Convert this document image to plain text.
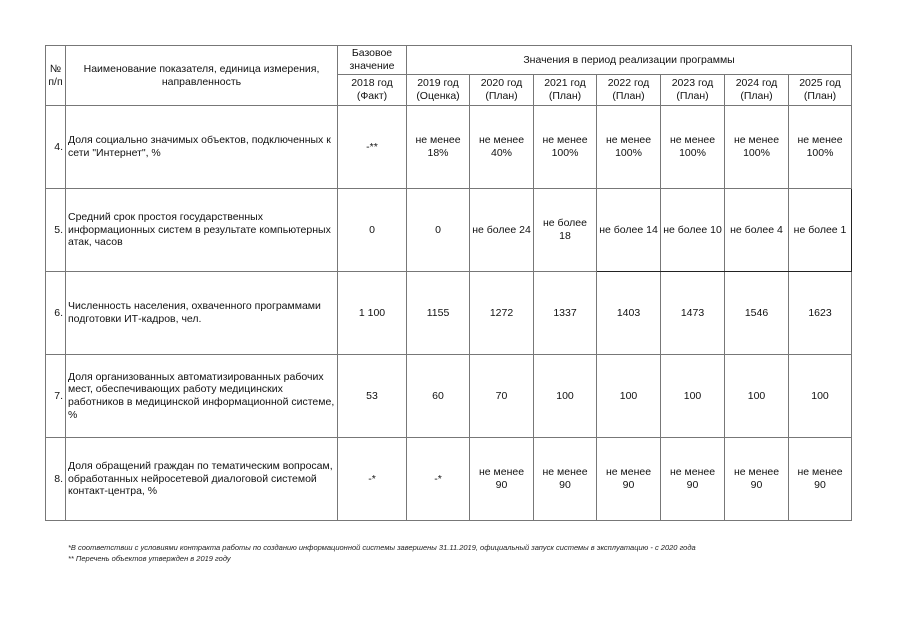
№ п/п	Наименование показателя, единица измерения, направленность	Базовое значение	Значения в период реализации программы						
		2018 год (Факт)	2019 год (Оценка)	2020 год (План)	2021 год (План)	2022 год (План)	2023 год (План)	2024 год (План)	2025 год (План)
4.	Доля социально значимых объектов, подключенных к сети "Интернет", %	-**	не менее 18%	не менее 40%	не менее 100%	не менее 100%	не менее 100%	не менее 100%	не менее 100%
5.	Средний срок простоя государственных информационных систем в результате компьютерных атак, часов	0	0	не более 24	не более 18	не более 14	не более 10	не более 4	не более 1
6.	Численность населения, охваченного программами подготовки ИТ-кадров, чел.	1 100	1155	1272	1337	1403	1473	1546	1623
7.	Доля организованных автоматизированных рабочих мест, обеспечивающих работу медицинских работников в медицинской информационной системе, %	53	60	70	100	100	100	100	100
8.	Доля обращений граждан по тематическим вопросам, обработанных нейросетевой диалоговой системой контакт-центра, %	-*	-*	не менее 90	не менее 90	не менее 90	не менее 90	не менее 90	не менее 90
*В соответствии с условиями контракта работы по созданию информационной системы завершены 31.11.2019, официальный запуск системы в эксплуатацию - с 2020 года
** Перечень объектов утвержден в 2019 году
